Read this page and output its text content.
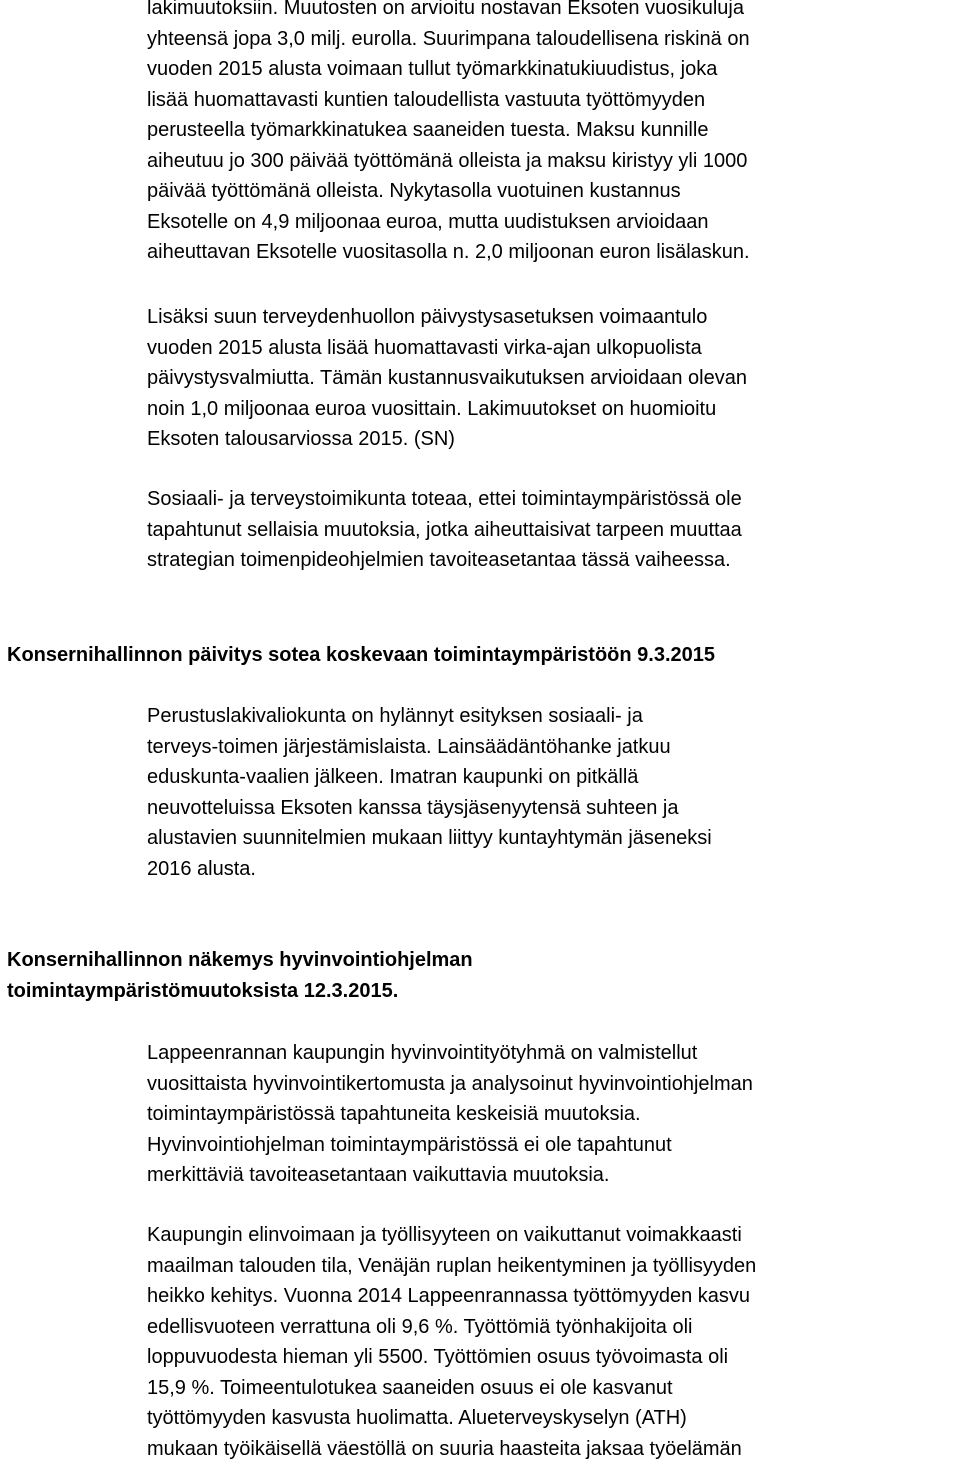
lakimuutoksiin. Muutosten on arvioitu nostavan Eksoten vuosikuluja
yhteensä jopa 3,0 milj. eurolla. Suurimpana taloudellisena riskinä on
vuoden 2015 alusta voimaan tullut työmarkkinatukiuudistus, joka
lisää huomattavasti kuntien taloudellista vastuuta työttömyyden
perusteella työmarkkinatukea saaneiden tuesta. Maksu kunnille
aiheutuu jo 300 päivää työttömänä olleista ja maksu kiristyy yli 1000
päivää työttömänä olleista. Nykytasolla vuotuinen kustannus
Eksotelle on 4,9 miljoonaa euroa, mutta uudistuksen arvioidaan
aiheuttavan Eksotelle vuositasolla n. 2,0 miljoonan euron lisälaskun.
Lisäksi suun terveydenhuollon päivystysasetuksen voimaantulo
vuoden 2015 alusta lisää huomattavasti virka-ajan ulkopuolista
päivystysvalmiutta. Tämän kustannusvaikutuksen arvioidaan olevan
noin 1,0 miljoonaa euroa vuosittain. Lakimuutokset on huomioitu
Eksoten talousarviossa 2015. (SN)
Sosiaali- ja terveystoimikunta toteaa, ettei toimintaympäristössä ole
tapahtunut sellaisia muutoksia, jotka aiheuttaisivat tarpeen muuttaa
strategian toimenpideohjelmien tavoiteasetantaa tässä vaiheessa.
Konsernihallinnon päivitys sotea koskevaan toimintaympäristöön 9.3.2015
Perustuslakivaliokunta on hylännyt esityksen sosiaali- ja
terveys-toimen järjestämislaista. Lainsäädäntöhanke jatkuu
eduskunta-vaalien jälkeen. Imatran kaupunki on pitkällä
neuvotteluissa Eksoten kanssa täysjäsenyytensä suhteen ja
alustavien suunnitelmien mukaan liittyy kuntayhtymän jäseneksi
2016 alusta.
Konsernihallinnon näkemys hyvinvointiohjelman
toimintaympäristömuutoksista 12.3.2015.
Lappeenrannan kaupungin hyvinvointityötyhmä on valmistellut
vuosittaista hyvinvointikertomusta ja analysoinut hyvinvointiohjelman
toimintaympäristössä tapahtuneita keskeisiä muutoksia.
Hyvinvointiohjelman toimintaympäristössä ei ole tapahtunut
merkittäviä tavoiteasetantaan vaikuttavia muutoksia.
Kaupungin elinvoimaan ja työllisyyteen on vaikuttanut voimakkaasti
maailman talouden tila, Venäjän ruplan heikentyminen ja työllisyyden
heikko kehitys. Vuonna 2014 Lappeenrannassa työttömyyden kasvu
edellisvuoteen verrattuna oli 9,6 %. Työttömiä työnhakijoita oli
loppuvuodesta hieman yli 5500. Työttömien osuus työvoimasta oli
15,9 %. Toimeentulotukea saaneiden osuus ei ole kasvanut
työttömyyden kasvusta huolimatta. Alueterveyskyselyn (ATH)
mukaan työikäisellä väestöllä on suuria haasteita jaksaa työelämän
